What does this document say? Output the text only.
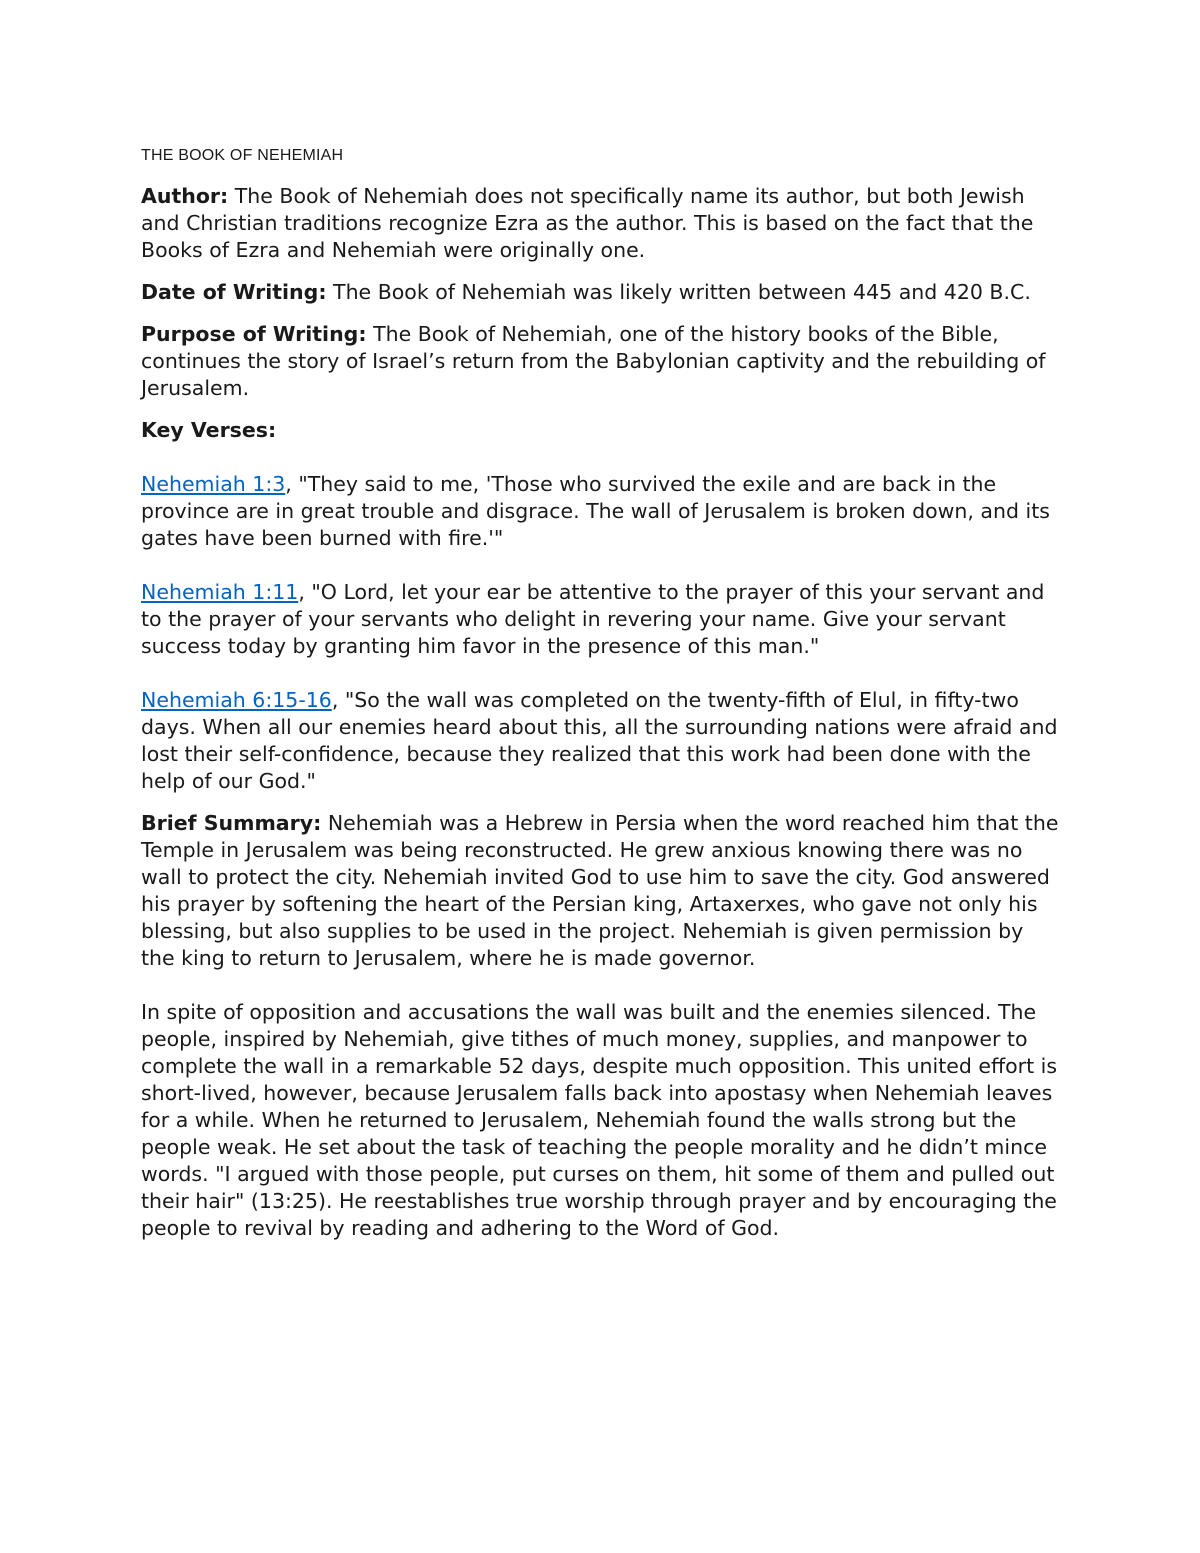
THE BOOK OF NEHEMIAH

Author: The Book of Nehemiah does not specifically name its author, but both Jewish and Christian traditions recognize Ezra as the author. This is based on the fact that the Books of Ezra and Nehemiah were originally one.

Date of Writing: The Book of Nehemiah was likely written between 445 and 420 B.C.

Purpose of Writing: The Book of Nehemiah, one of the history books of the Bible, continues the story of Israel’s return from the Babylonian captivity and the rebuilding of Jerusalem.

Key Verses:

Nehemiah 1:3, "They said to me, 'Those who survived the exile and are back in the province are in great trouble and disgrace. The wall of Jerusalem is broken down, and its gates have been burned with fire.'"

Nehemiah 1:11, "O Lord, let your ear be attentive to the prayer of this your servant and to the prayer of your servants who delight in revering your name. Give your servant success today by granting him favor in the presence of this man."

Nehemiah 6:15-16, "So the wall was completed on the twenty-fifth of Elul, in fifty-two days. When all our enemies heard about this, all the surrounding nations were afraid and lost their self-confidence, because they realized that this work had been done with the help of our God."

Brief Summary: Nehemiah was a Hebrew in Persia when the word reached him that the Temple in Jerusalem was being reconstructed. He grew anxious knowing there was no wall to protect the city. Nehemiah invited God to use him to save the city. God answered his prayer by softening the heart of the Persian king, Artaxerxes, who gave not only his blessing, but also supplies to be used in the project. Nehemiah is given permission by the king to return to Jerusalem, where he is made governor.

In spite of opposition and accusations the wall was built and the enemies silenced. The people, inspired by Nehemiah, give tithes of much money, supplies, and manpower to complete the wall in a remarkable 52 days, despite much opposition. This united effort is short-lived, however, because Jerusalem falls back into apostasy when Nehemiah leaves for a while. When he returned to Jerusalem, Nehemiah found the walls strong but the people weak. He set about the task of teaching the people morality and he didn’t mince words. "I argued with those people, put curses on them, hit some of them and pulled out their hair" (13:25). He reestablishes true worship through prayer and by encouraging the people to revival by reading and adhering to the Word of God.
